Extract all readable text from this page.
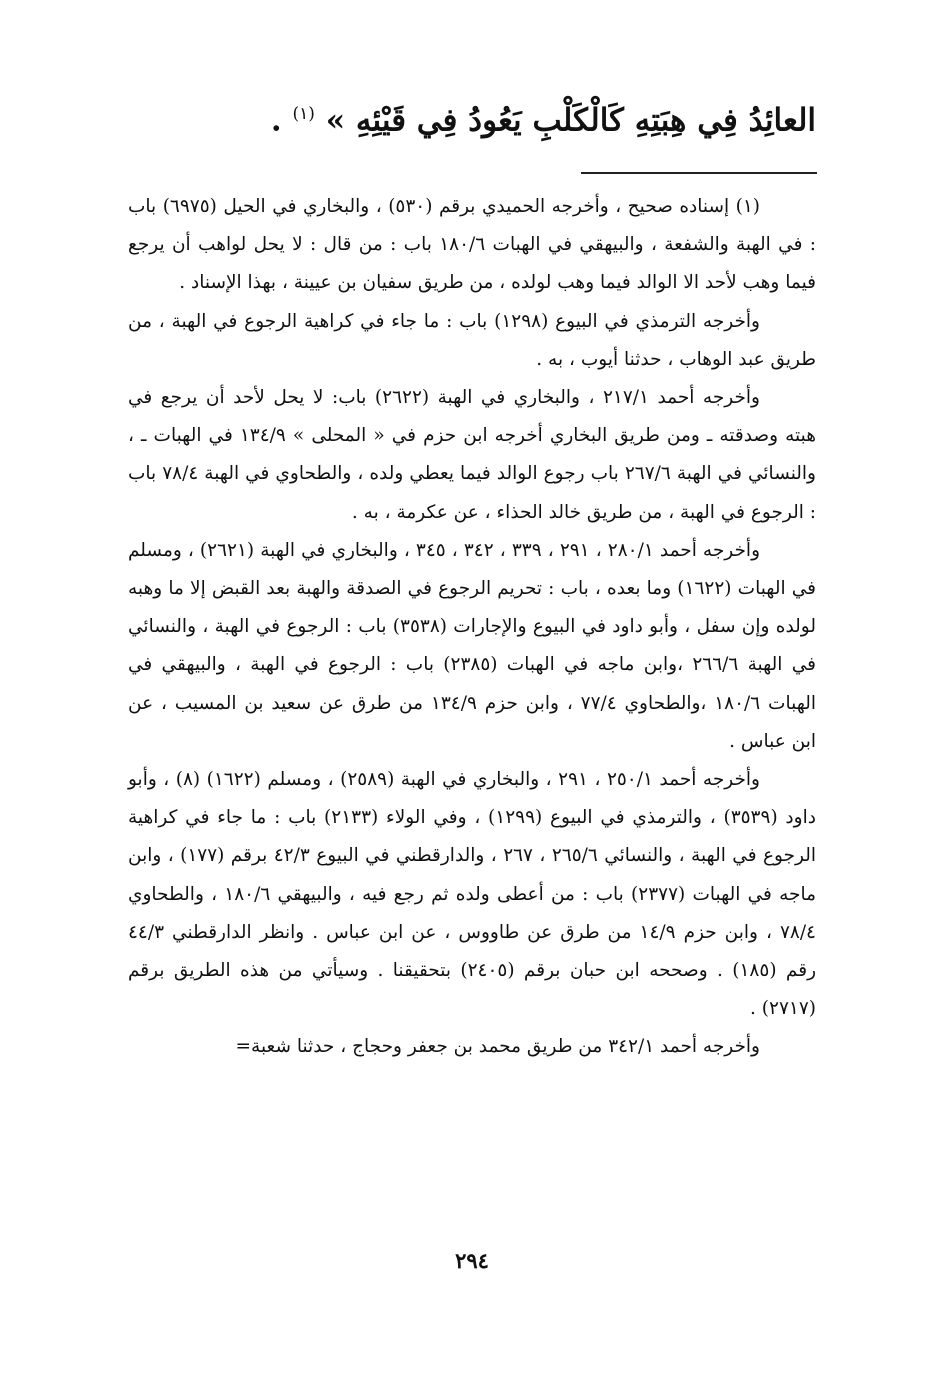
العائِدُ فِي هِبَتِهِ كَالْكَلْبِ يَعُودُ فِي قَيْئِهِ » $^{(١)}$ .

(١) إسناده صحيح ، وأخرجه الحميدي برقم (٥٣٠) ، والبخاري في الحيل (٦٩٧٥) باب : في الهبة والشفعة ، والبيهقي في الهبات ١٨٠/٦ باب : من قال : لا يحل لواهب أن يرجع فيما وهب لأحد الا الوالد فيما وهب لولده ، من طريق سفيان بن عيينة ، بهذا الإسناد .

وأخرجه الترمذي في البيوع (١٢٩٨) باب : ما جاء في كراهية الرجوع في الهبة ، من طريق عبد الوهاب ، حدثنا أيوب ، به .

وأخرجه أحمد ٢١٧/١ ، والبخاري في الهبة (٢٦٢٢) باب: لا يحل لأحد أن يرجع في هبته وصدقته ـ ومن طريق البخاري أخرجه ابن حزم في « المحلى » ١٣٤/٩ في الهبات ـ ، والنسائي في الهبة ٢٦٧/٦ باب رجوع الوالد فيما يعطي ولده ، والطحاوي في الهبة ٧٨/٤ باب : الرجوع في الهبة ، من طريق خالد الحذاء ، عن عكرمة ، به .

وأخرجه أحمد ٢٨٠/١ ، ٢٩١ ، ٣٣٩ ، ٣٤٢ ، ٣٤٥ ، والبخاري في الهبة (٢٦٢١) ، ومسلم في الهبات (١٦٢٢) وما بعده ، باب : تحريم الرجوع في الصدقة والهبة بعد القبض إلا ما وهبه لولده وإن سفل ، وأبو داود في البيوع والإجارات (٣٥٣٨) باب : الرجوع في الهبة ، والنسائي في الهبة ٢٦٦/٦ ،وابن ماجه في الهبات (٢٣٨٥) باب : الرجوع في الهبة ، والبيهقي في الهبات ١٨٠/٦ ،والطحاوي ٧٧/٤ ، وابن حزم ١٣٤/٩ من طرق عن سعيد بن المسيب ، عن ابن عباس .

وأخرجه أحمد ٢٥٠/١ ، ٢٩١ ، والبخاري في الهبة (٢٥٨٩) ، ومسلم (١٦٢٢) (٨) ، وأبو داود (٣٥٣٩) ، والترمذي في البيوع (١٢٩٩) ، وفي الولاء (٢١٣٣) باب : ما جاء في كراهية الرجوع في الهبة ، والنسائي ٢٦٥/٦ ، ٢٦٧ ، والدارقطني في البيوع ٤٢/٣ برقم (١٧٧) ، وابن ماجه في الهبات (٢٣٧٧) باب : من أعطى ولده ثم رجع فيه ، والبيهقي ١٨٠/٦ ، والطحاوي ٧٨/٤ ، وابن حزم ١٤/٩ من طرق عن طاووس ، عن ابن عباس . وانظر الدارقطني ٤٤/٣ رقم (١٨٥) . وصححه ابن حبان برقم (٢٤٠٥) بتحقيقنا . وسيأتي من هذه الطريق برقم (٢٧١٧) .

وأخرجه أحمد ٣٤٢/١ من طريق محمد بن جعفر وحجاج ، حدثنا شعبة=

٢٩٤
